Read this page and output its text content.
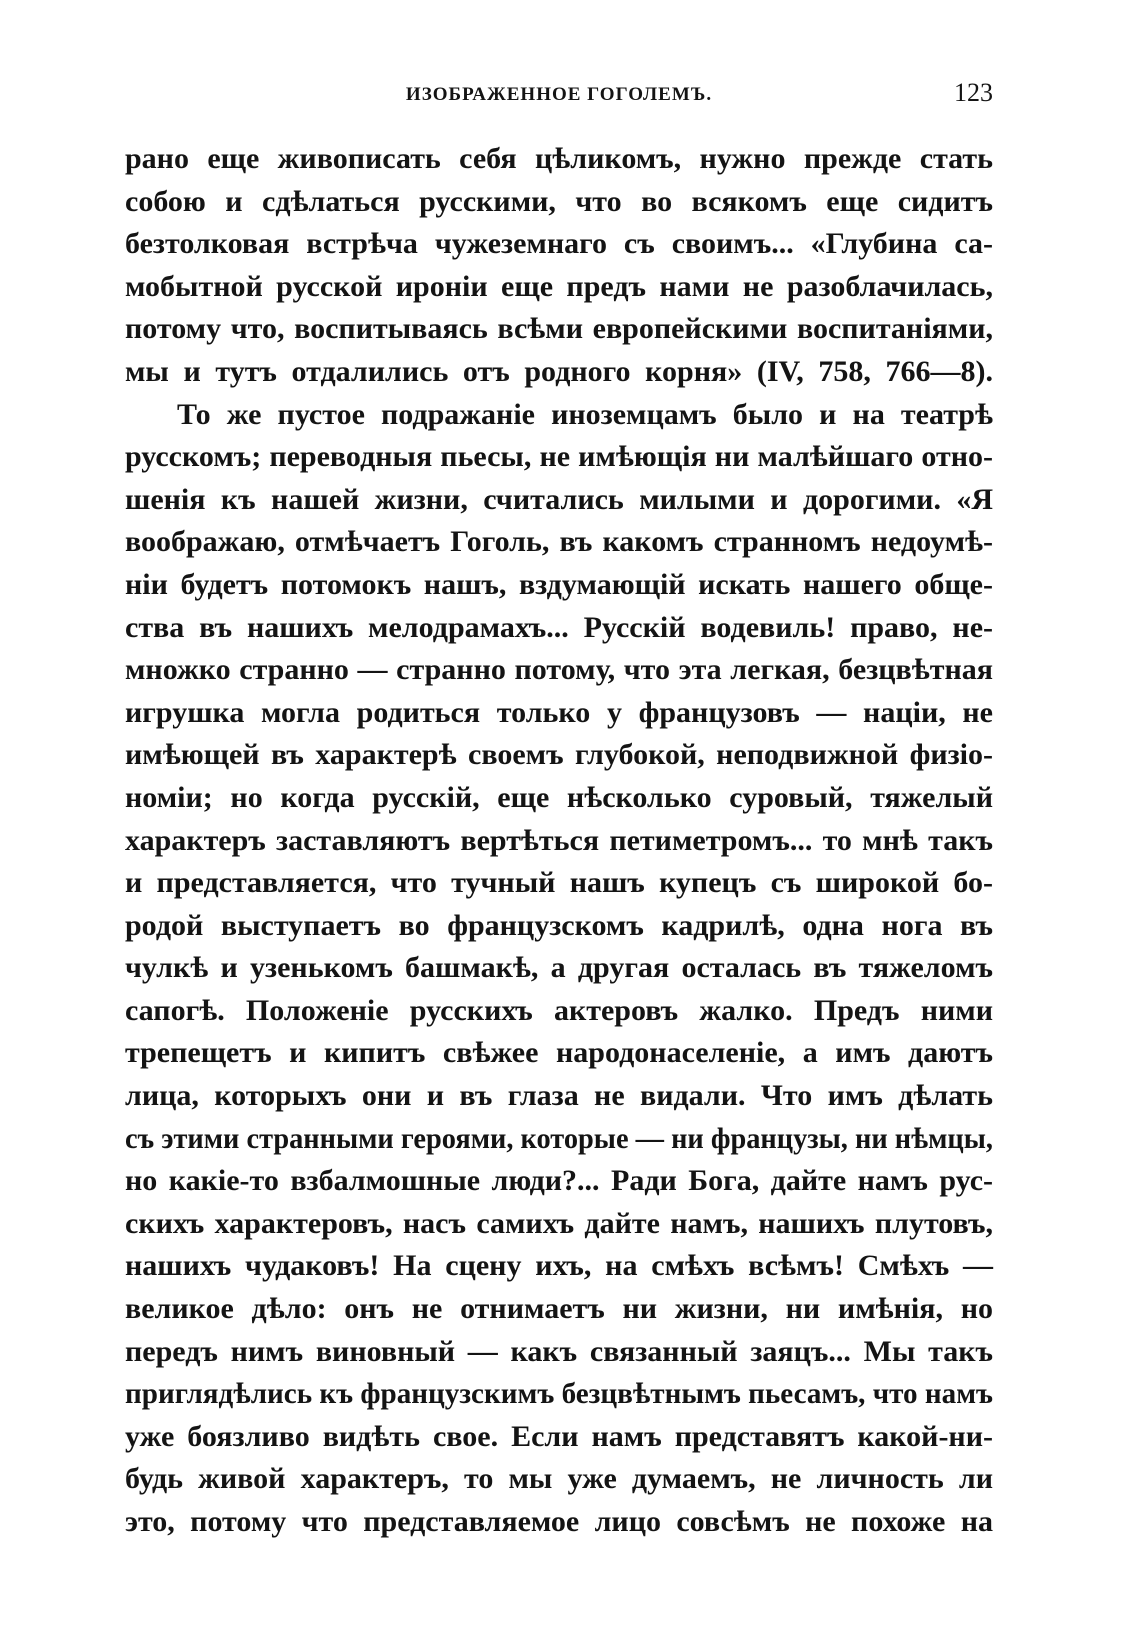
ИЗОБРАЖЕННОЕ ГОГОЛЕМЪ.	123
рано еще живописать себя цѣликомъ, нужно прежде стать
собою и сдѣлаться русскими, что во всякомъ еще сидитъ
безтолковая встрѣча чужеземнаго съ своимъ... «Глубина са-
мобытной русской ироніи еще предъ нами не разоблачилась,
потому что, воспитываясь всѣми европейскими воспитаніями,
мы и тутъ отдалились отъ родного корня» (IV, 758, 766—8).
То же пустое подражаніе иноземцамъ было и на театрѣ
русскомъ; переводныя пьесы, не имѣющія ни малѣйшаго отно-
шенія къ нашей жизни, считались милыми и дорогими. «Я
воображаю, отмѣчаетъ Гоголь, въ какомъ странномъ недоумѣ-
ніи будетъ потомокъ нашъ, вздумающій искать нашего обще-
ства въ нашихъ мелодрамахъ... Русскій водевиль! право, не-
множко странно — странно потому, что эта легкая, безцвѣтная
игрушка могла родиться только у французовъ — націи, не
имѣющей въ характерѣ своемъ глубокой, неподвижной физіо-
номіи; но когда русскій, еще нѣсколько суровый, тяжелый
характеръ заставляютъ вертѣться петиметромъ... то мнѣ такъ
и представляется, что тучный нашъ купецъ съ широкой бо-
родой выступаетъ во французскомъ кадрилѣ, одна нога въ
чулкѣ и узенькомъ башмакѣ, а другая осталась въ тяжеломъ
сапогѣ. Положеніе русскихъ актеровъ жалко. Предъ ними
трепещетъ и кипитъ свѣжее народонаселеніе, а имъ даютъ
лица, которыхъ они и въ глаза не видали. Что имъ дѣлать
съ этими странными героями, которые — ни французы, ни нѣмцы,
но какіе-то взбалмошные люди?... Ради Бога, дайте намъ рус-
скихъ характеровъ, насъ самихъ дайте намъ, нашихъ плутовъ,
нашихъ чудаковъ! На сцену ихъ, на смѣхъ всѣмъ! Смѣхъ —
великое дѣло: онъ не отнимаетъ ни жизни, ни имѣнія, но
передъ нимъ виновный — какъ связанный заяцъ... Мы такъ
приглядѣлись къ французскимъ безцвѣтнымъ пьесамъ, что намъ
уже боязливо видѣть свое. Если намъ представятъ какой-ни-
будь живой характеръ, то мы уже думаемъ, не личность ли
это, потому что представляемое лицо совсѣмъ не похоже на
